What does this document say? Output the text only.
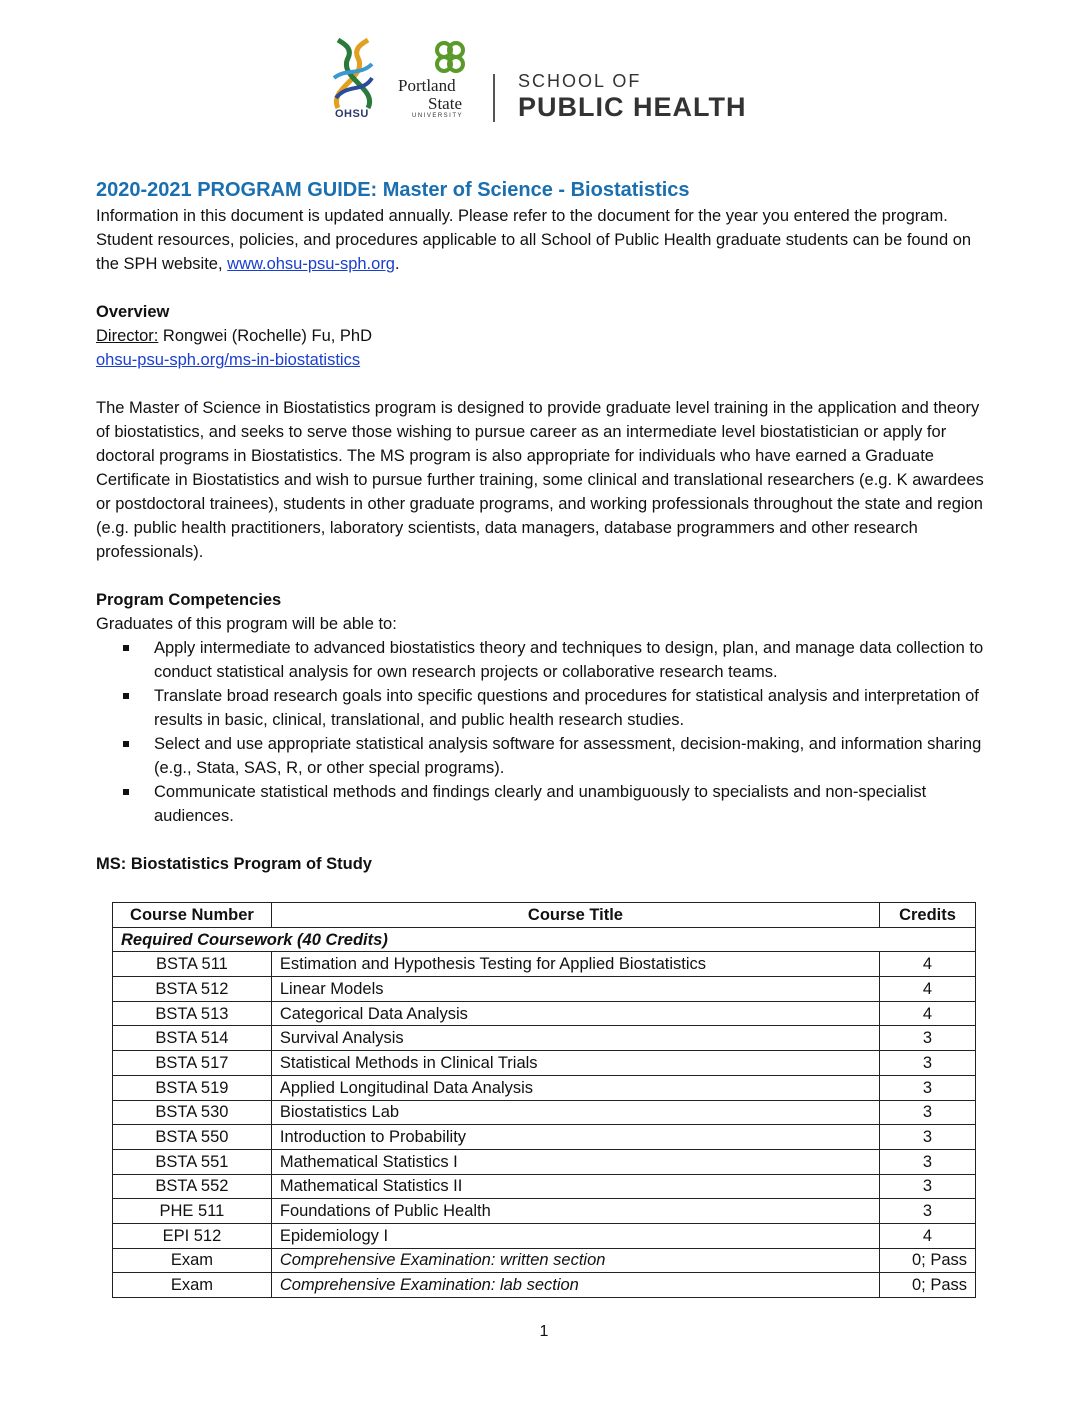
OHSU
Portland
State
UNIVERSITY
SCHOOL OF
PUBLIC HEALTH
2020-2021 PROGRAM GUIDE: Master of Science - Biostatistics

Information in this document is updated annually. Please refer to the document for the year you entered the program. Student resources, policies, and procedures applicable to all School of Public Health graduate students can be found on the SPH website, www.ohsu-psu-sph.org.

Overview

Director: Rongwei (Rochelle) Fu, PhD

ohsu-psu-sph.org/ms-in-biostatistics

The Master of Science in Biostatistics program is designed to provide graduate level training in the application and theory of biostatistics, and seeks to serve those wishing to pursue career as an intermediate level biostatistician or apply for doctoral programs in Biostatistics. The MS program is also appropriate for individuals who have earned a Graduate Certificate in Biostatistics and wish to pursue further training, some clinical and translational researchers (e.g. K awardees or postdoctoral trainees), students in other graduate programs, and working professionals throughout the state and region (e.g. public health practitioners, laboratory scientists, data managers, database programmers and other research professionals).

Program Competencies

Graduates of this program will be able to:

Apply intermediate to advanced biostatistics theory and techniques to design, plan, and manage data collection to conduct statistical analysis for own research projects or collaborative research teams.
Translate broad research goals into specific questions and procedures for statistical analysis and interpretation of results in basic, clinical, translational, and public health research studies.
Select and use appropriate statistical analysis software for assessment, decision-making, and information sharing (e.g., Stata, SAS, R, or other special programs).
Communicate statistical methods and findings clearly and unambiguously to specialists and non-specialist audiences.

MS: Biostatistics Program of Study

Course Number	Course Title	Credits
Required Coursework (40 Credits)		
BSTA 511	Estimation and Hypothesis Testing for Applied Biostatistics	4
BSTA 512	Linear Models	4
BSTA 513	Categorical Data Analysis	4
BSTA 514	Survival Analysis	3
BSTA 517	Statistical Methods in Clinical Trials	3
BSTA 519	Applied Longitudinal Data Analysis	3
BSTA 530	Biostatistics Lab	3
BSTA 550	Introduction to Probability	3
BSTA 551	Mathematical Statistics I	3
BSTA 552	Mathematical Statistics II	3
PHE 511	Foundations of Public Health	3
EPI 512	Epidemiology I	4
Exam	Comprehensive Examination: written section	0; Pass
Exam	Comprehensive Examination: lab section	0; Pass
1
